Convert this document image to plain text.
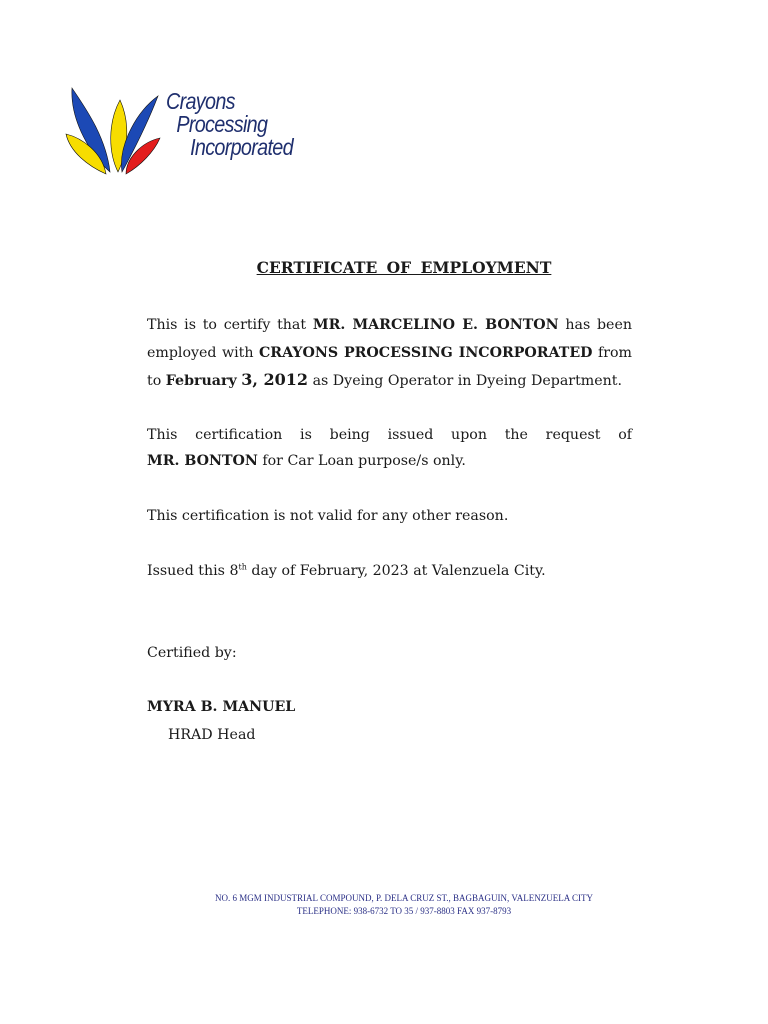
Crayons
Processing
Incorporated
CERTIFICATE OF EMPLOYMENT
This is to certify that MR. MARCELINO E. BONTON has been
employed with CRAYONS PROCESSING INCORPORATED from
to February 3, 2012 as Dyeing Operator in Dyeing Department.
This certification is being issued upon the request of
MR. BONTON for Car Loan purpose/s only.
This certification is not valid for any other reason.
Issued this 8th day of February, 2023 at Valenzuela City.
Certified by:
MYRA B. MANUEL
HRAD Head
NO. 6 MGM INDUSTRIAL COMPOUND, P. DELA CRUZ ST., BAGBAGUIN, VALENZUELA CITY
TELEPHONE: 938-6732 TO 35 / 937-8803 FAX 937-8793
